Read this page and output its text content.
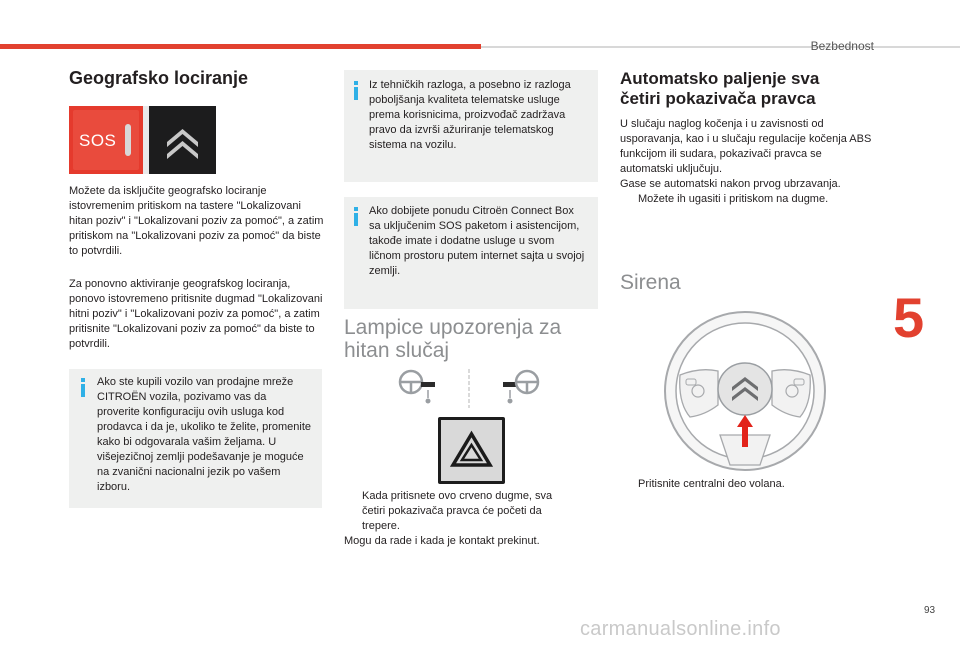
Bezbednost
5
93
carmanualsonline.info
Geografsko lociranje
SOS
Možete da isključite geografsko lociranje istovremenim pritiskom na tastere "Lokalizovani hitan poziv" i "Lokalizovani poziv za pomoć", a zatim pritiskom na "Lokalizovani poziv za pomoć" da biste to potvrdili.
Za ponovno aktiviranje geografskog lociranja, ponovo istovremeno pritisnite dugmad "Lokalizovani hitni poziv" i "Lokalizovani poziv za pomoć", a zatim pritisnite "Lokalizovani poziv za pomoć" da biste to potvrdili.
Ako ste kupili vozilo van prodajne mreže CITROËN vozila, pozivamo vas da proverite konfiguraciju ovih usluga kod prodavca i da je, ukoliko te želite, promenite kako bi odgovarala vašim željama. U višejezičnoj zemlji podešavanje je moguće na zvanični nacionalni jezik po vašem izboru.
Iz tehničkih razloga, a posebno iz razloga poboljšanja kvaliteta telematske usluge prema korisnicima, proizvođač zadržava pravo da izvrši ažuriranje telematskog sistema na vozilu.
Ako dobijete ponudu Citroën Connect Box sa uključenim SOS paketom i asistencijom, takođe imate i dodatne usluge u svom ličnom prostoru putem internet sajta u svojoj zemlji.
Lampice upozorenja za
hitan slučaj
Kada pritisnete ovo crveno dugme, sva četiri pokazivača pravca će početi da trepere.
Mogu da rade i kada je kontakt prekinut.
Automatsko paljenje sva
četiri pokazivača pravca
U slučaju naglog kočenja i u zavisnosti od usporavanja, kao i u slučaju regulacije kočenja ABS funkcijom ili sudara, pokazivači pravca se automatski uključuju.
Gase se automatski nakon prvog ubrzavanja.
Možete ih ugasiti i pritiskom na dugme.
Sirena
Pritisnite centralni deo volana.
